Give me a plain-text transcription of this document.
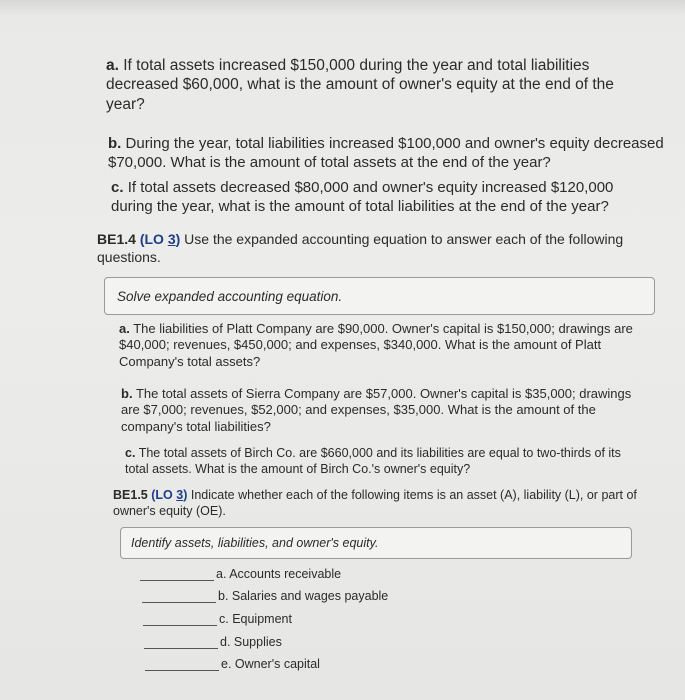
a. If total assets increased $150,000 during the year and total liabilities decreased $60,000, what is the amount of owner's equity at the end of the year?
b. During the year, total liabilities increased $100,000 and owner's equity decreased $70,000. What is the amount of total assets at the end of the year?
c. If total assets decreased $80,000 and owner's equity increased $120,000 during the year, what is the amount of total liabilities at the end of the year?
BE1.4 (LO 3) Use the expanded accounting equation to answer each of the following questions.
Solve expanded accounting equation.
a. The liabilities of Platt Company are $90,000. Owner's capital is $150,000; drawings are $40,000; revenues, $450,000; and expenses, $340,000. What is the amount of Platt Company's total assets?
b. The total assets of Sierra Company are $57,000. Owner's capital is $35,000; drawings are $7,000; revenues, $52,000; and expenses, $35,000. What is the amount of the company's total liabilities?
c. The total assets of Birch Co. are $660,000 and its liabilities are equal to two-thirds of its total assets. What is the amount of Birch Co.'s owner's equity?
BE1.5 (LO 3) Indicate whether each of the following items is an asset (A), liability (L), or part of owner's equity (OE).
Identify assets, liabilities, and owner's equity.
a. Accounts receivable
b. Salaries and wages payable
c. Equipment
d. Supplies
e. Owner's capital
